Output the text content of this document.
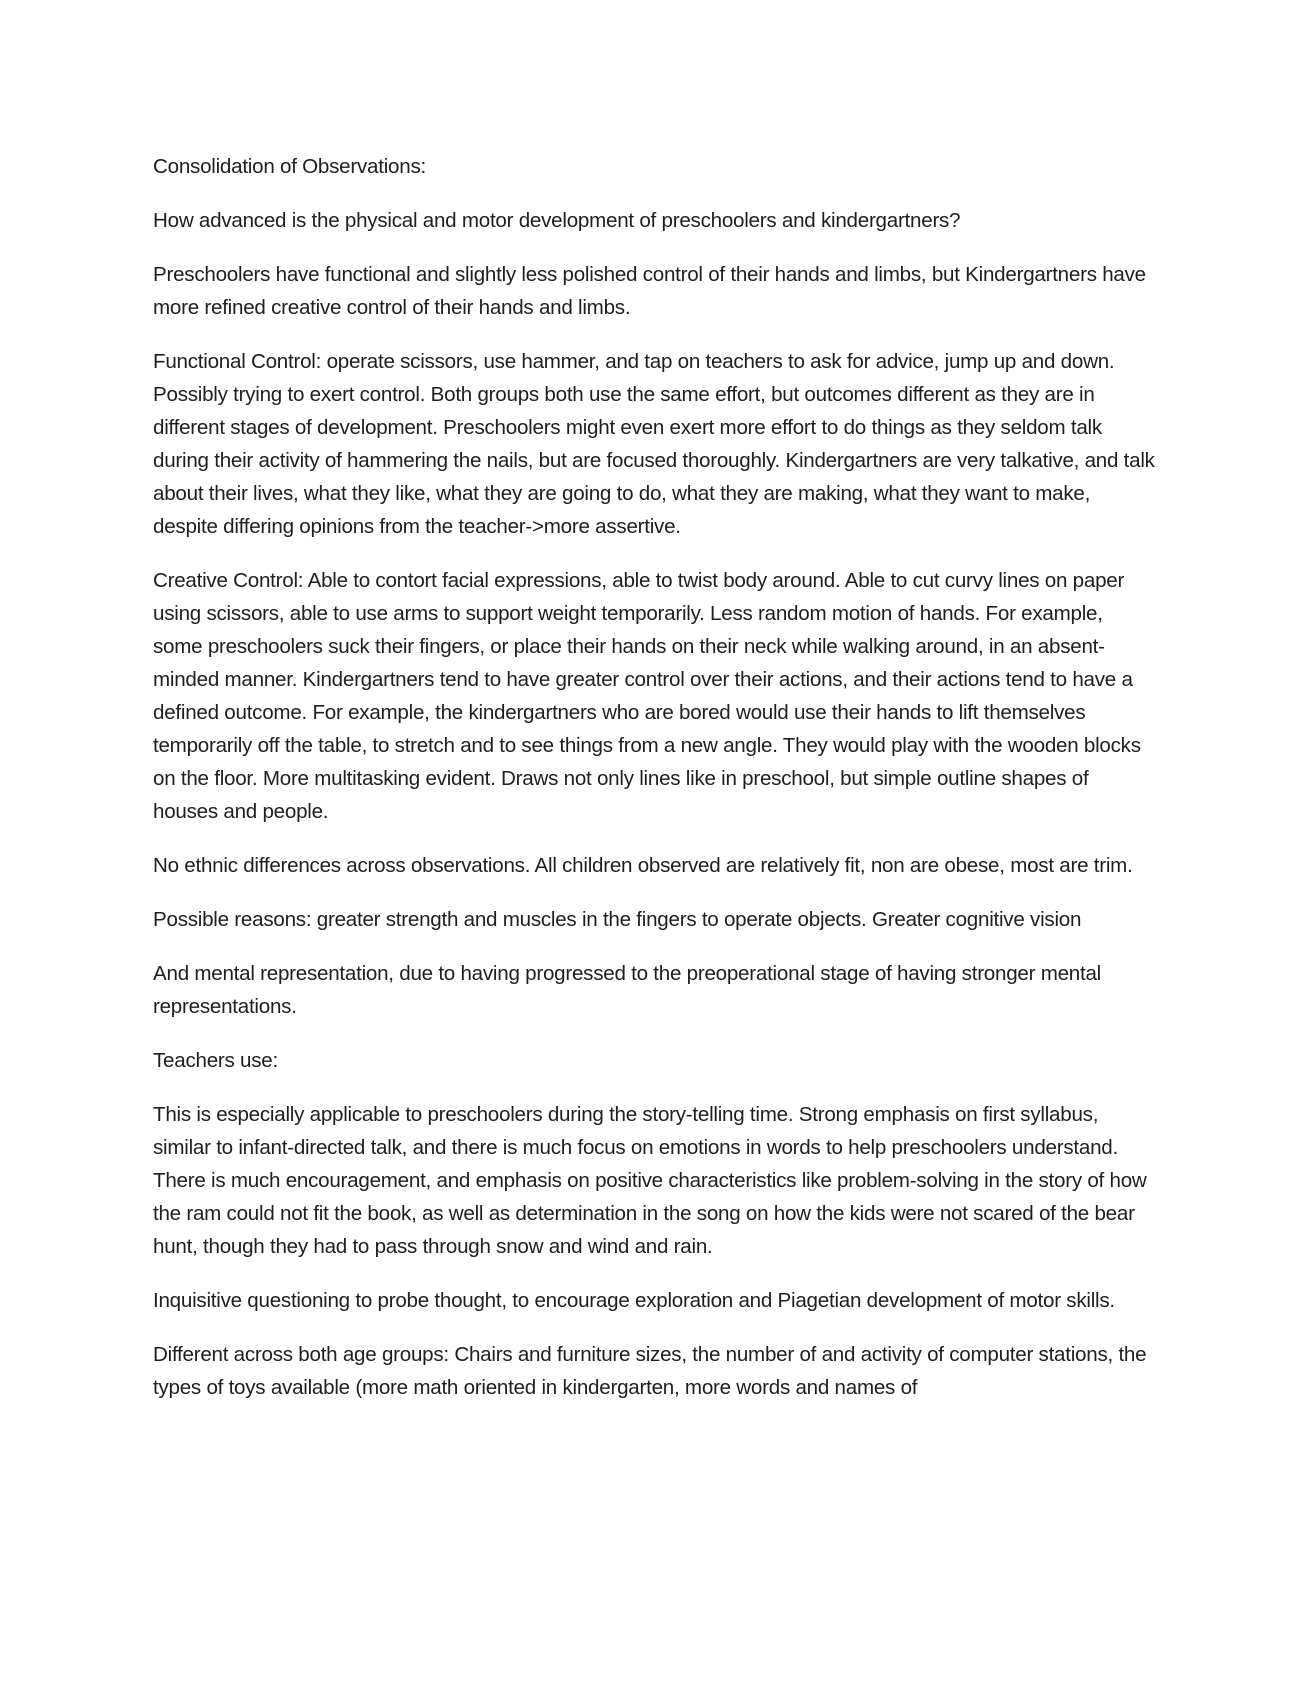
Consolidation of Observations:

How advanced is the physical and motor development of preschoolers and kindergartners?

Preschoolers have functional and slightly less polished control of their hands and limbs, but Kindergartners have more refined creative control of their hands and limbs.

Functional Control: operate scissors, use hammer, and tap on teachers to ask for advice, jump up and down. Possibly trying to exert control. Both groups both use the same effort, but outcomes different as they are in different stages of development. Preschoolers might even exert more effort to do things as they seldom talk during their activity of hammering the nails, but are focused thoroughly. Kindergartners are very talkative, and talk about their lives, what they like, what they are going to do, what they are making, what they want to make, despite differing opinions from the teacher->more assertive.

Creative Control: Able to contort facial expressions, able to twist body around. Able to cut curvy lines on paper using scissors, able to use arms to support weight temporarily. Less random motion of hands. For example, some preschoolers suck their fingers, or place their hands on their neck while walking around, in an absent-minded manner. Kindergartners tend to have greater control over their actions, and their actions tend to have a defined outcome. For example, the kindergartners who are bored would use their hands to lift themselves temporarily off the table, to stretch and to see things from a new angle. They would play with the wooden blocks on the floor. More multitasking evident. Draws not only lines like in preschool, but simple outline shapes of houses and people.

No ethnic differences across observations. All children observed are relatively fit, non are obese, most are trim.

Possible reasons: greater strength and muscles in the fingers to operate objects. Greater cognitive vision

And mental representation, due to having progressed to the preoperational stage of having stronger mental representations.

Teachers use:

This is especially applicable to preschoolers during the story-telling time. Strong emphasis on first syllabus, similar to infant-directed talk, and there is much focus on emotions in words to help preschoolers understand. There is much encouragement, and emphasis on positive characteristics like problem-solving in the story of how the ram could not fit the book, as well as determination in the song on how the kids were not scared of the bear hunt, though they had to pass through snow and wind and rain.

Inquisitive questioning to probe thought, to encourage exploration and Piagetian development of motor skills.

Different across both age groups: Chairs and furniture sizes, the number of and activity of computer stations, the types of toys available (more math oriented in kindergarten, more words and names of
